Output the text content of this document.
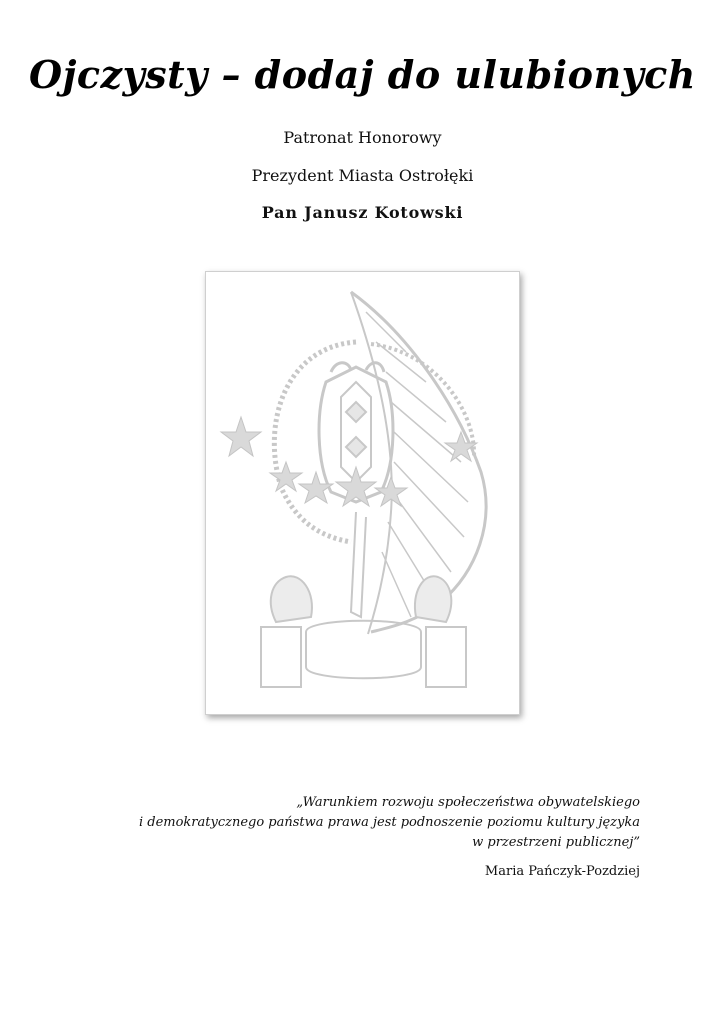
Ojczysty – dodaj do ulubionych
Patronat Honorowy
Prezydent Miasta Ostrołęki
Pan Janusz Kotowski
„Warunkiem rozwoju społeczeństwa obywatelskiego
i demokratycznego państwa prawa jest podnoszenie poziomu kultury języka
w przestrzeni publicznej”
Maria Pańczyk-Pozdziej
